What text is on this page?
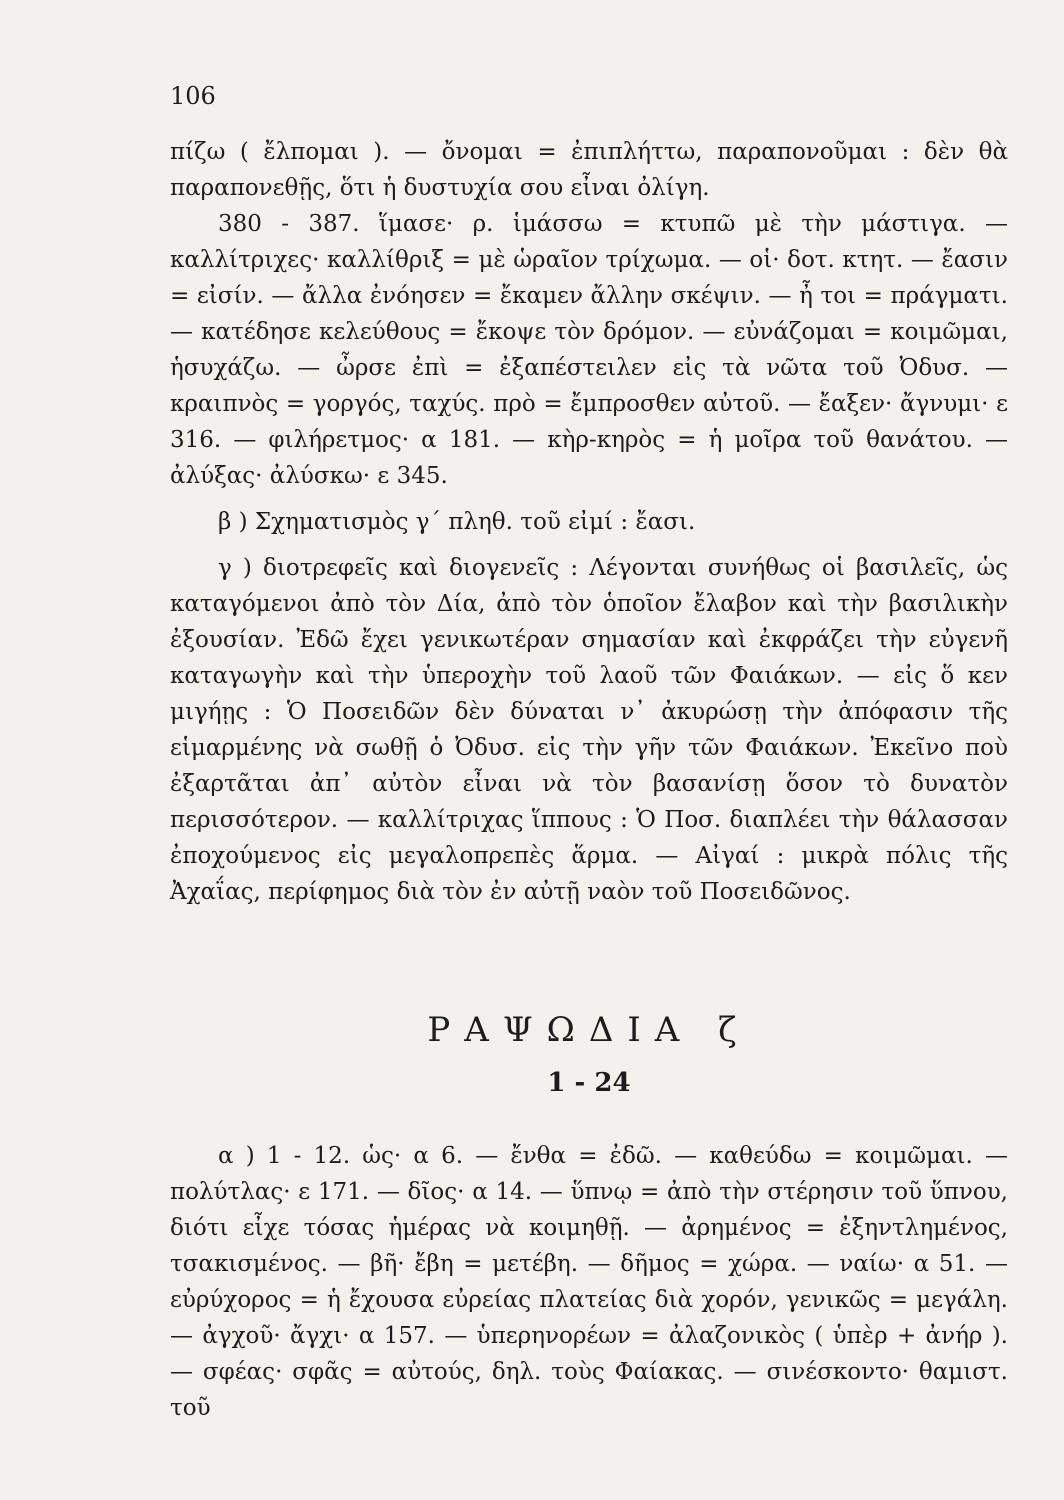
106

πίζω ( ἔλπομαι ). — ὄνομαι = ἐπιπλήττω, παραπονοῦμαι : δὲν θὰ παραπονεθῇς, ὅτι ἡ δυστυχία σου εἶναι ὀλίγη.

380 - 387. ἵμασε· ρ. ἱμάσσω = κτυπῶ μὲ τὴν μάστιγα. — καλλίτριχες· καλλίθριξ = μὲ ὡραῖον τρίχωμα. — οἱ· δοτ. κτητ. — ἔασιν = εἰσίν. — ἄλλα ἐνόησεν = ἔκαμεν ἄλλην σκέψιν. — ἦ τοι = πράγματι. — κατέδησε κελεύθους = ἔκοψε τὸν δρόμον. — εὐνάζομαι = κοιμῶμαι, ἡσυχάζω. — ὦρσε ἐπὶ = ἐξαπέστειλεν εἰς τὰ νῶτα τοῦ Ὀδυσ. — κραιπνὸς = γοργός, ταχύς. πρὸ = ἔμπροσθεν αὐτοῦ. — ἔαξεν· ἄγνυμι· ε 316. — φιλήρετμος· α 181. — κὴρ-κηρὸς = ἡ μοῖρα τοῦ θανάτου. — ἀλύξας· ἀλύσκω· ε 345.

β ) Σχηματισμὸς γ΄ πληθ. τοῦ εἰμί : ἔασι.

γ ) διοτρεφεῖς καὶ διογενεῖς : Λέγονται συνήθως οἱ βασιλεῖς, ὡς καταγόμενοι ἀπὸ τὸν Δία, ἀπὸ τὸν ὁποῖον ἔλαβον καὶ τὴν βασιλικὴν ἐξουσίαν. Ἐδῶ ἔχει γενικωτέραν σημασίαν καὶ ἐκφράζει τὴν εὐγενῆ καταγωγὴν καὶ τὴν ὑπεροχὴν τοῦ λαοῦ τῶν Φαιάκων. — εἰς ὅ κεν μιγήῃς : Ὁ Ποσειδῶν δὲν δύναται ν᾽ ἀκυρώσῃ τὴν ἀπόφασιν τῆς εἱμαρμένης νὰ σωθῇ ὁ Ὀδυσ. εἰς τὴν γῆν τῶν Φαιάκων. Ἐκεῖνο ποὺ ἐξαρτᾶται ἀπ᾽ αὐτὸν εἶναι νὰ τὸν βασανίσῃ ὅσον τὸ δυνατὸν περισσότερον. — καλλίτριχας ἵππους : Ὁ Ποσ. διαπλέει τὴν θάλασσαν ἐποχούμενος εἰς μεγαλοπρεπὲς ἅρμα. — Αἰγαί : μικρὰ πόλις τῆς Ἀχαΐας, περίφημος διὰ τὸν ἐν αὐτῇ ναὸν τοῦ Ποσειδῶνος.

ΡΑΨΩΔΙΑ ζ
1 - 24

α ) 1 - 12. ὡς· α 6. — ἔνθα = ἐδῶ. — καθεύδω = κοιμῶμαι. — πολύτλας· ε 171. — δῖος· α 14. — ὕπνῳ = ἀπὸ τὴν στέρησιν τοῦ ὕπνου, διότι εἶχε τόσας ἡμέρας νὰ κοιμηθῇ. — ἀρημένος = ἐξηντλημένος, τσακισμένος. — βῆ· ἔβη = μετέβη. — δῆμος = χώρα. — ναίω· α 51. — εὐρύχορος = ἡ ἔχουσα εὐρείας πλατείας διὰ χορόν, γενικῶς = μεγάλη. — ἀγχοῦ· ἄγχι· α 157. — ὑπερηνορέων = ἀλαζονικὸς ( ὑπὲρ + ἀνήρ ). — σφέας· σφᾶς = αὐτούς, δηλ. τοὺς Φαίακας. — σινέσκοντο· θαμιστ. τοῦ
